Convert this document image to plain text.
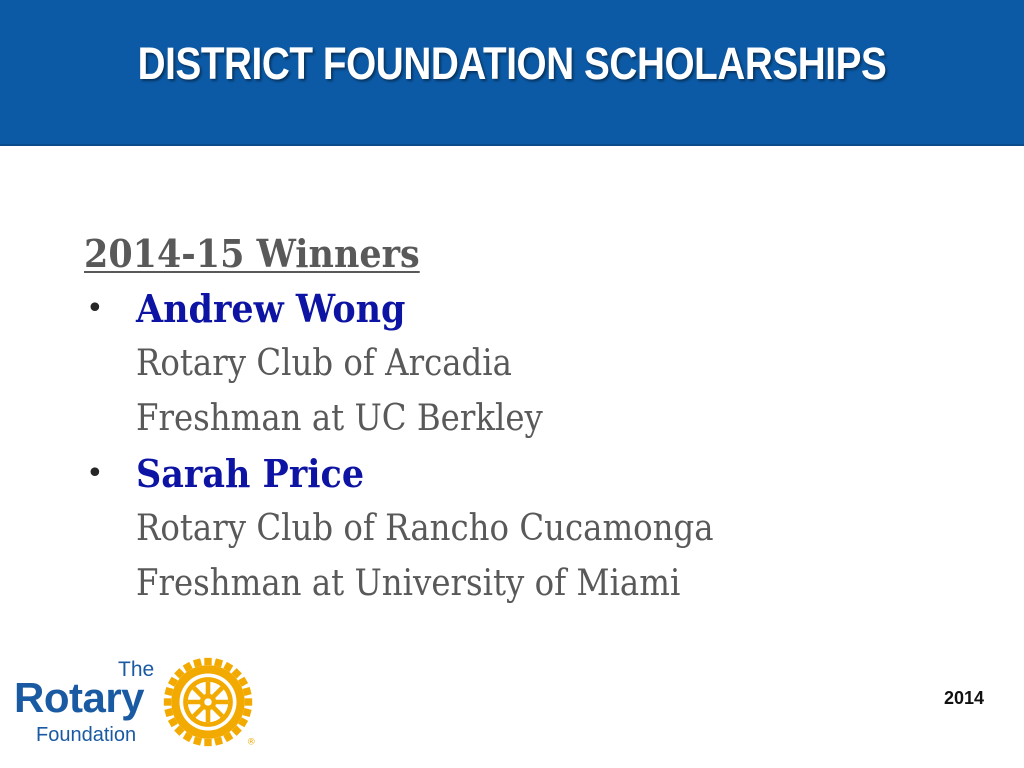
DISTRICT FOUNDATION SCHOLARSHIPS
2014-15 Winners
• Andrew Wong
Rotary Club of Arcadia
Freshman at UC Berkley
• Sarah Price
Rotary Club of Rancho Cucamonga
Freshman at University of Miami
The
Rotary
Foundation	®
2014
